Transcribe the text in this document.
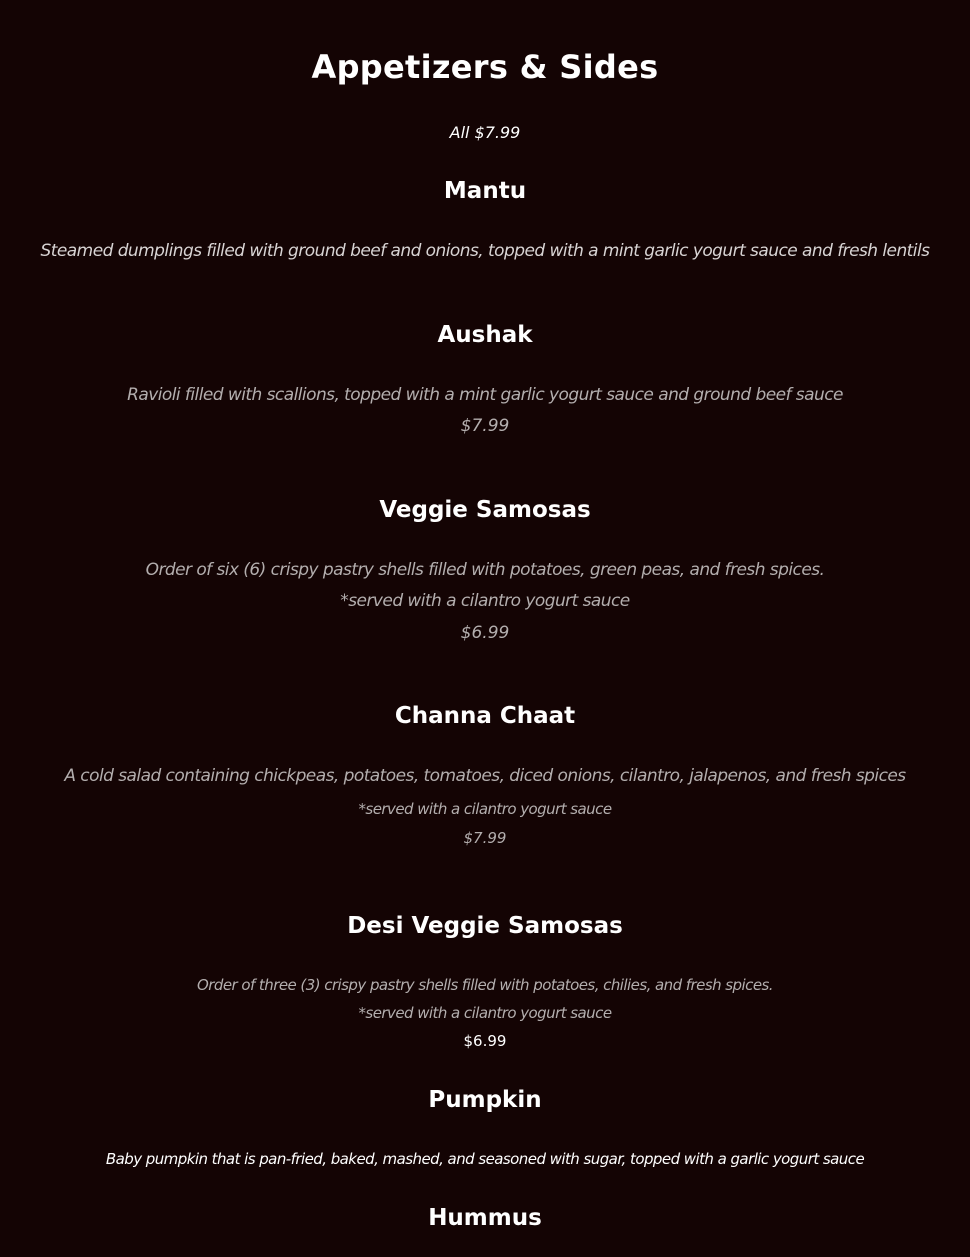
Appetizers & Sides
All $7.99
Mantu
Steamed dumplings filled with ground beef and onions, topped with a mint garlic yogurt sauce and fresh lentils
Aushak
Ravioli filled with scallions, topped with a mint garlic yogurt sauce and ground beef sauce
$7.99
Veggie Samosas
Order of six (6) crispy pastry shells filled with potatoes, green peas, and fresh spices.
*served with a cilantro yogurt sauce
$6.99
Channa Chaat
A cold salad containing chickpeas, potatoes, tomatoes, diced onions, cilantro, jalapenos, and fresh spices
*served with a cilantro yogurt sauce
$7.99
Desi Veggie Samosas
Order of three (3) crispy pastry shells filled with potatoes, chilies, and fresh spices.
*served with a cilantro yogurt sauce
$6.99
Pumpkin
Baby pumpkin that is pan-fried, baked, mashed, and seasoned with sugar, topped with a garlic yogurt sauce
Hummus
